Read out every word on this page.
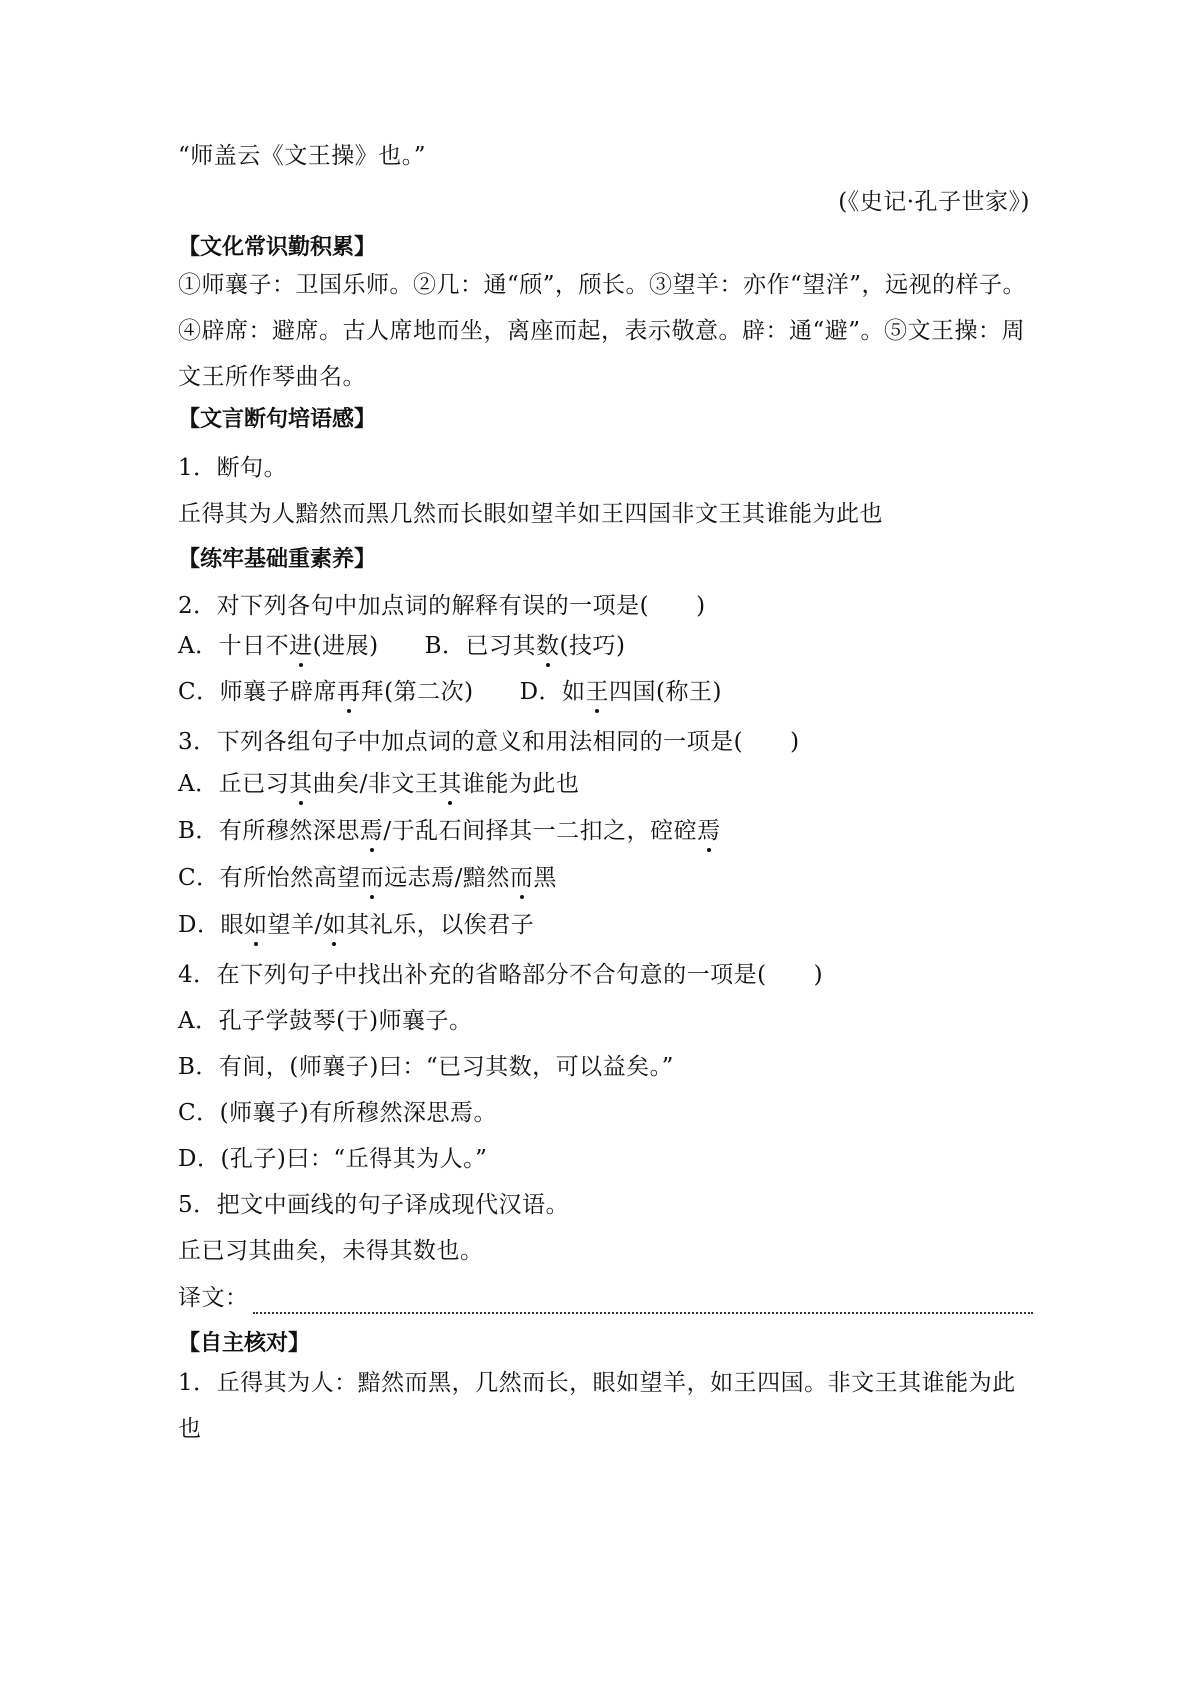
“师盖云《文王操》也。”
(《史记·孔子世家》)
【文化常识勤积累】
①师襄子：卫国乐师。②几：通“颀”，颀长。③望羊：亦作“望洋”，远视的样子。④辟席：避席。古人席地而坐，离座而起，表示敬意。辟：通“避”。⑤文王操：周文王所作琴曲名。
【文言断句培语感】
1．断句。
丘得其为人黯然而黑几然而长眼如望羊如王四国非文王其谁能为此也
【练牢基础重素养】
2．对下列各句中加点词的解释有误的一项是(　　)
A．十日不进(进展) B．已习其数(技巧)
C．师襄子辟席再拜(第二次) D．如王四国(称王)
3．下列各组句子中加点词的意义和用法相同的一项是(　　)
A．丘已习其曲矣/非文王其谁能为此也
B．有所穆然深思焉/于乱石间择其一二扣之，硿硿焉
C．有所怡然高望而远志焉/黯然而黑
D．眼如望羊/如其礼乐，以俟君子
4．在下列句子中找出补充的省略部分不合句意的一项是(　　)
A．孔子学鼓琴(于)师襄子。
B．有间，(师襄子)曰：“已习其数，可以益矣。”
C．(师襄子)有所穆然深思焉。
D．(孔子)曰：“丘得其为人。”
5．把文中画线的句子译成现代汉语。
丘已习其曲矣，未得其数也。
译文：
【自主核对】
1．丘得其为人：黯然而黑，几然而长，眼如望羊，如王四国。非文王其谁能为此也
